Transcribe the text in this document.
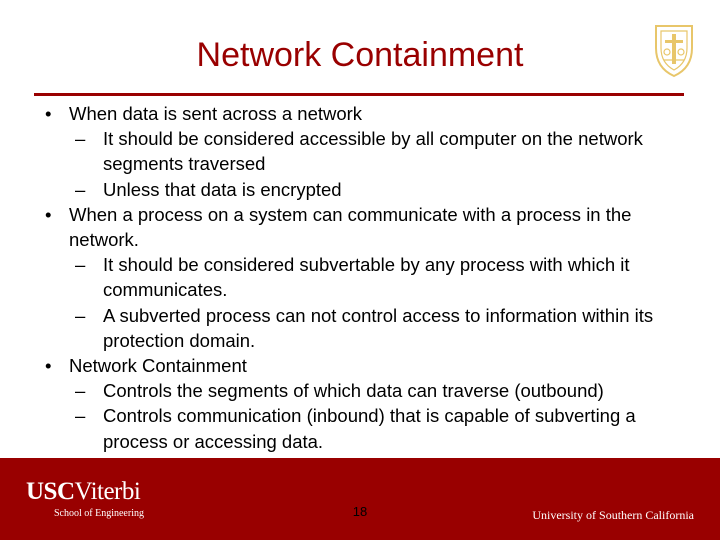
Network Containment
• When data is sent across a network
– It should be considered accessible by all computer on the network segments traversed
– Unless that data is encrypted
• When a process on a system can communicate with a process in the network.
– It should be considered subvertable by any process with which it communicates.
– A subverted process can not control access to information within its protection domain.
• Network Containment
– Controls the segments of which data can traverse (outbound)
– Controls communication (inbound) that is capable of subverting a process or accessing data.
USCViterbi
School of Engineering	18	University of Southern California
